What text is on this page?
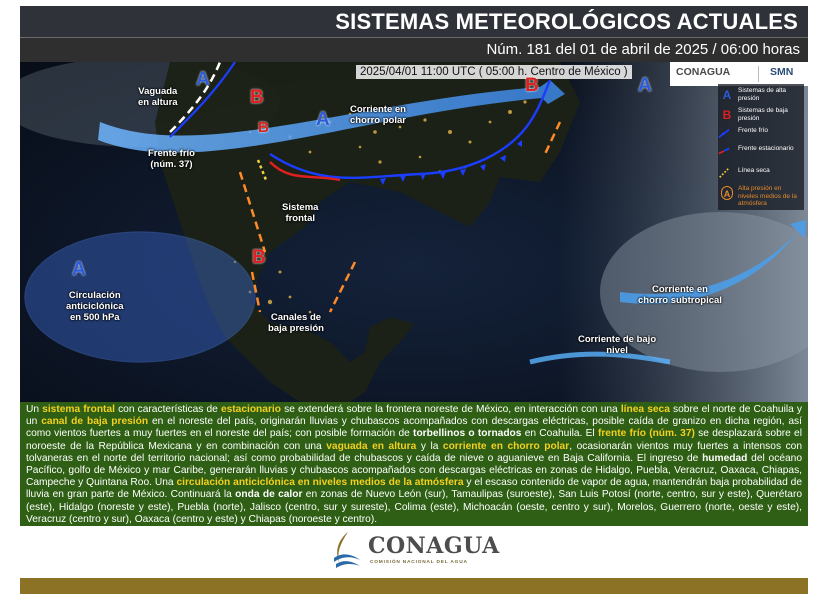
SISTEMAS METEOROLÓGICOS ACTUALES
Núm. 181 del 01 de abril de 2025 / 06:00 horas
2025/04/01 11:00 UTC ( 05:00 h. Centro de México )	CONAGUA	SMN
A
A
A
A
B
B
B
B
Vaguada
en altura
Corriente en
chorro polar
Frente frío
(núm. 37)
Sistema
frontal
Circulación
anticiclónica
en 500 hPa	Canales de
baja presión
Corriente en
chorro subtropical
Corriente de bajo
nivel
A Sistemas de alta presión
B Sistemas de baja presión
Frente frío
Frente estacionario
Línea seca
A
Alta presión en niveles medios de la atmósfera
Un sistema frontal con características de estacionario se extenderá sobre la frontera noreste de México, en interacción con una línea seca sobre el norte de Coahuila y un canal de baja presión en el noreste del país, originarán lluvias y chubascos acompañados con descargas eléctricas, posible caída de granizo en dicha región, así como vientos fuertes a muy fuertes en el noreste del país; con posible formación de torbellinos o tornados en Coahuila. El frente frío (núm. 37) se desplazará sobre el noroeste de la República Mexicana y en combinación con una vaguada en altura y la corriente en chorro polar, ocasionarán vientos muy fuertes a intensos con tolvaneras en el norte del territorio nacional; así como probabilidad de chubascos y caída de nieve o aguanieve en Baja California. El ingreso de humedad del océano Pacífico, golfo de México y mar Caribe, generarán lluvias y chubascos acompañados con descargas eléctricas en zonas de Hidalgo, Puebla, Veracruz, Oaxaca, Chiapas, Campeche y Quintana Roo. Una circulación anticiclónica en niveles medios de la atmósfera y el escaso contenido de vapor de agua, mantendrán baja probabilidad de lluvia en gran parte de México. Continuará la onda de calor en zonas de Nuevo León (sur), Tamaulipas (suroeste), San Luis Potosí (norte, centro, sur y este), Querétaro (este), Hidalgo (noreste y este), Puebla (norte), Jalisco (centro, sur y sureste), Colima (este), Michoacán (oeste, centro y sur), Morelos, Guerrero (norte, oeste y este), Veracruz (centro y sur), Oaxaca (centro y este) y Chiapas (noroeste y centro).
CONAGUA
COMISIÓN NACIONAL DEL AGUA
